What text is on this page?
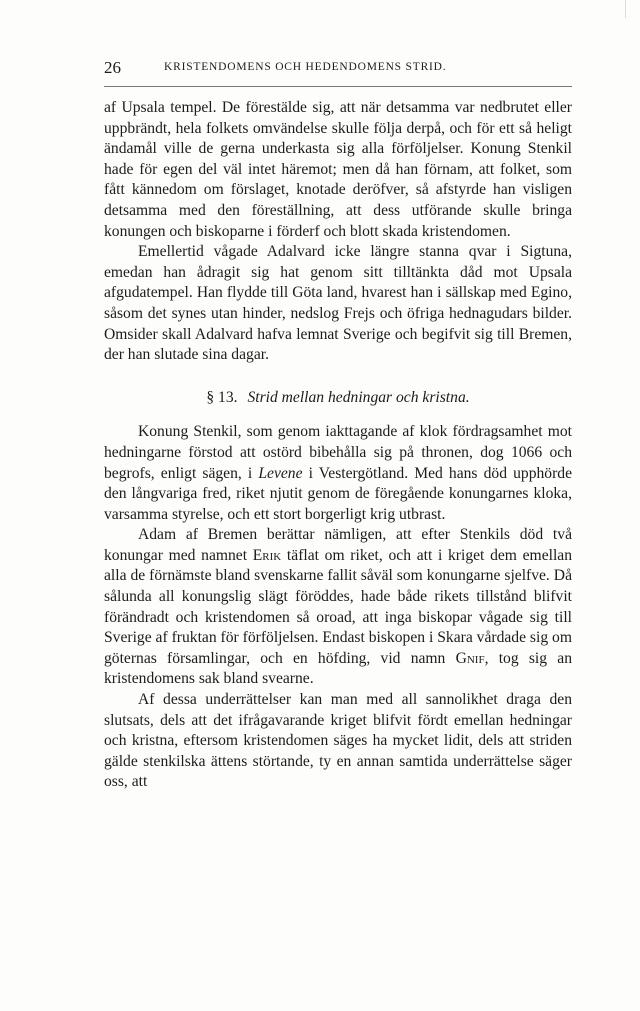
26	KRISTENDOMENS OCH HEDENDOMENS STRID.

af Upsala tempel. De förestälde sig, att när detsamma var nedbrutet eller uppbrändt, hela folkets omvändelse skulle följa derpå, och för ett så heligt ändamål ville de gerna underkasta sig alla förföljelser. Konung Stenkil hade för egen del väl intet häremot; men då han förnam, att folket, som fått kännedom om förslaget, knotade deröfver, så afstyrde han visligen detsamma med den föreställning, att dess utförande skulle bringa konungen och biskoparne i förderf och blott skada kristendomen.

Emellertid vågade Adalvard icke längre stanna qvar i Sigtuna, emedan han ådragit sig hat genom sitt tilltänkta dåd mot Upsala afgudatempel. Han flydde till Göta land, hvarest han i sällskap med Egino, såsom det synes utan hinder, nedslog Frejs och öfriga hednagudars bilder. Omsider skall Adalvard hafva lemnat Sverige och begifvit sig till Bremen, der han slutade sina dagar.

§ 13. Strid mellan hedningar och kristna.

Konung Stenkil, som genom iakttagande af klok fördragsamhet mot hedningarne förstod att ostörd bibehålla sig på thronen, dog 1066 och begrofs, enligt sägen, i Levene i Vestergötland. Med hans död upphörde den långvariga fred, riket njutit genom de föregående konungarnes kloka, varsamma styrelse, och ett stort borgerligt krig utbrast.

Adam af Bremen berättar nämligen, att efter Stenkils död två konungar med namnet Erik täflat om riket, och att i kriget dem emellan alla de förnämste bland svenskarne fallit såväl som konungarne sjelfve. Då sålunda all konungslig slägt föröddes, hade både rikets tillstånd blifvit förändradt och kristendomen så oroad, att inga biskopar vågade sig till Sverige af fruktan för förföljelsen. Endast biskopen i Skara vårdade sig om göternas församlingar, och en höfding, vid namn Gnif, tog sig an kristendomens sak bland svearne.

Af dessa underrättelser kan man med all sannolikhet draga den slutsats, dels att det ifrågavarande kriget blifvit fördt emellan hedningar och kristna, eftersom kristendomen säges ha mycket lidit, dels att striden gälde stenkilska ättens störtande, ty en annan samtida underrättelse säger oss, att
